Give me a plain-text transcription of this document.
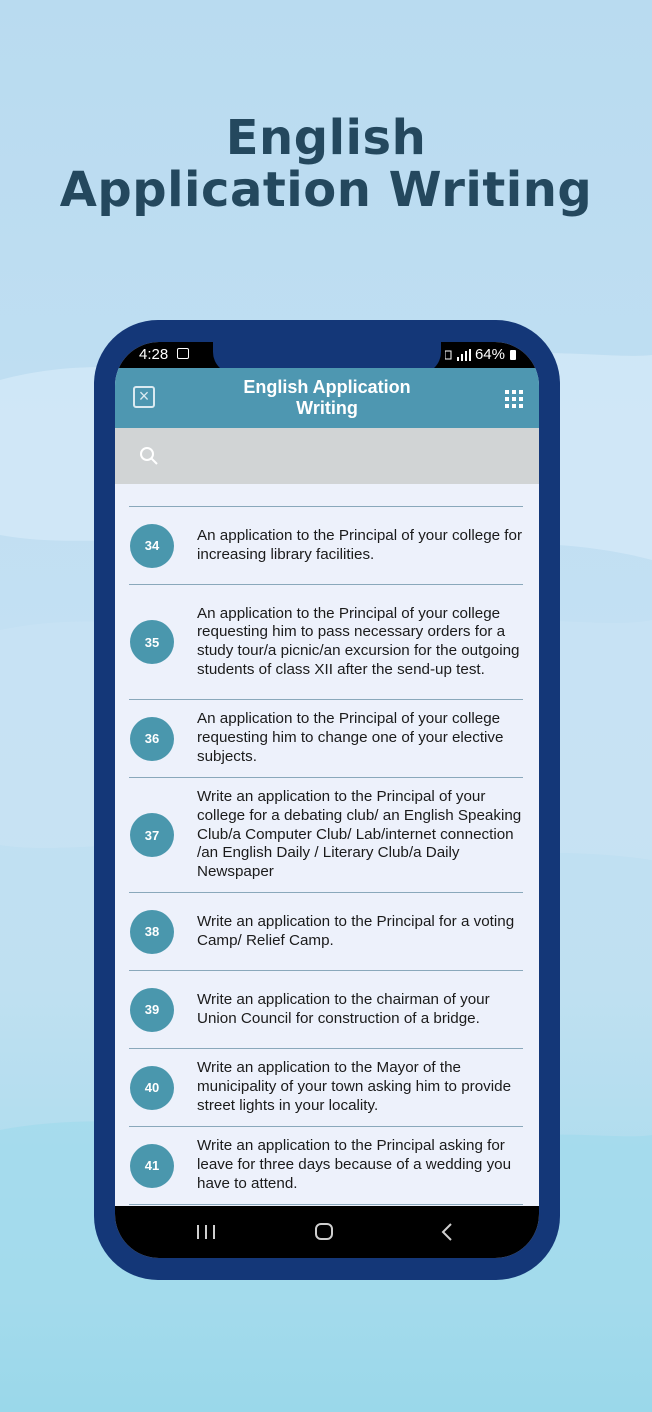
English
Application Writing
4:28	64%
×	English Application
Writing
34
An application to the Principal of your college for increasing library facilities.
35
An application to the Principal of your college requesting him to pass necessary orders for a study tour/a picnic/an excursion for the outgoing students of class XII after the send-up test.
36
An application to the Principal of your college requesting him to change one of your elective subjects.
37
Write an application to the Principal of your college for a debating club/ an English Speaking Club/a Computer Club/ Lab/internet connection /an English Daily / Literary Club/a Daily Newspaper
38
Write an application to the Principal for a voting Camp/ Relief Camp.
39
Write an application to the chairman of your Union Council for construction of a bridge.
40
Write an application to the Mayor of the municipality of your town asking him to provide street lights in your locality.
41
Write an application to the Principal asking for leave for three days because of a wedding you have to attend.
